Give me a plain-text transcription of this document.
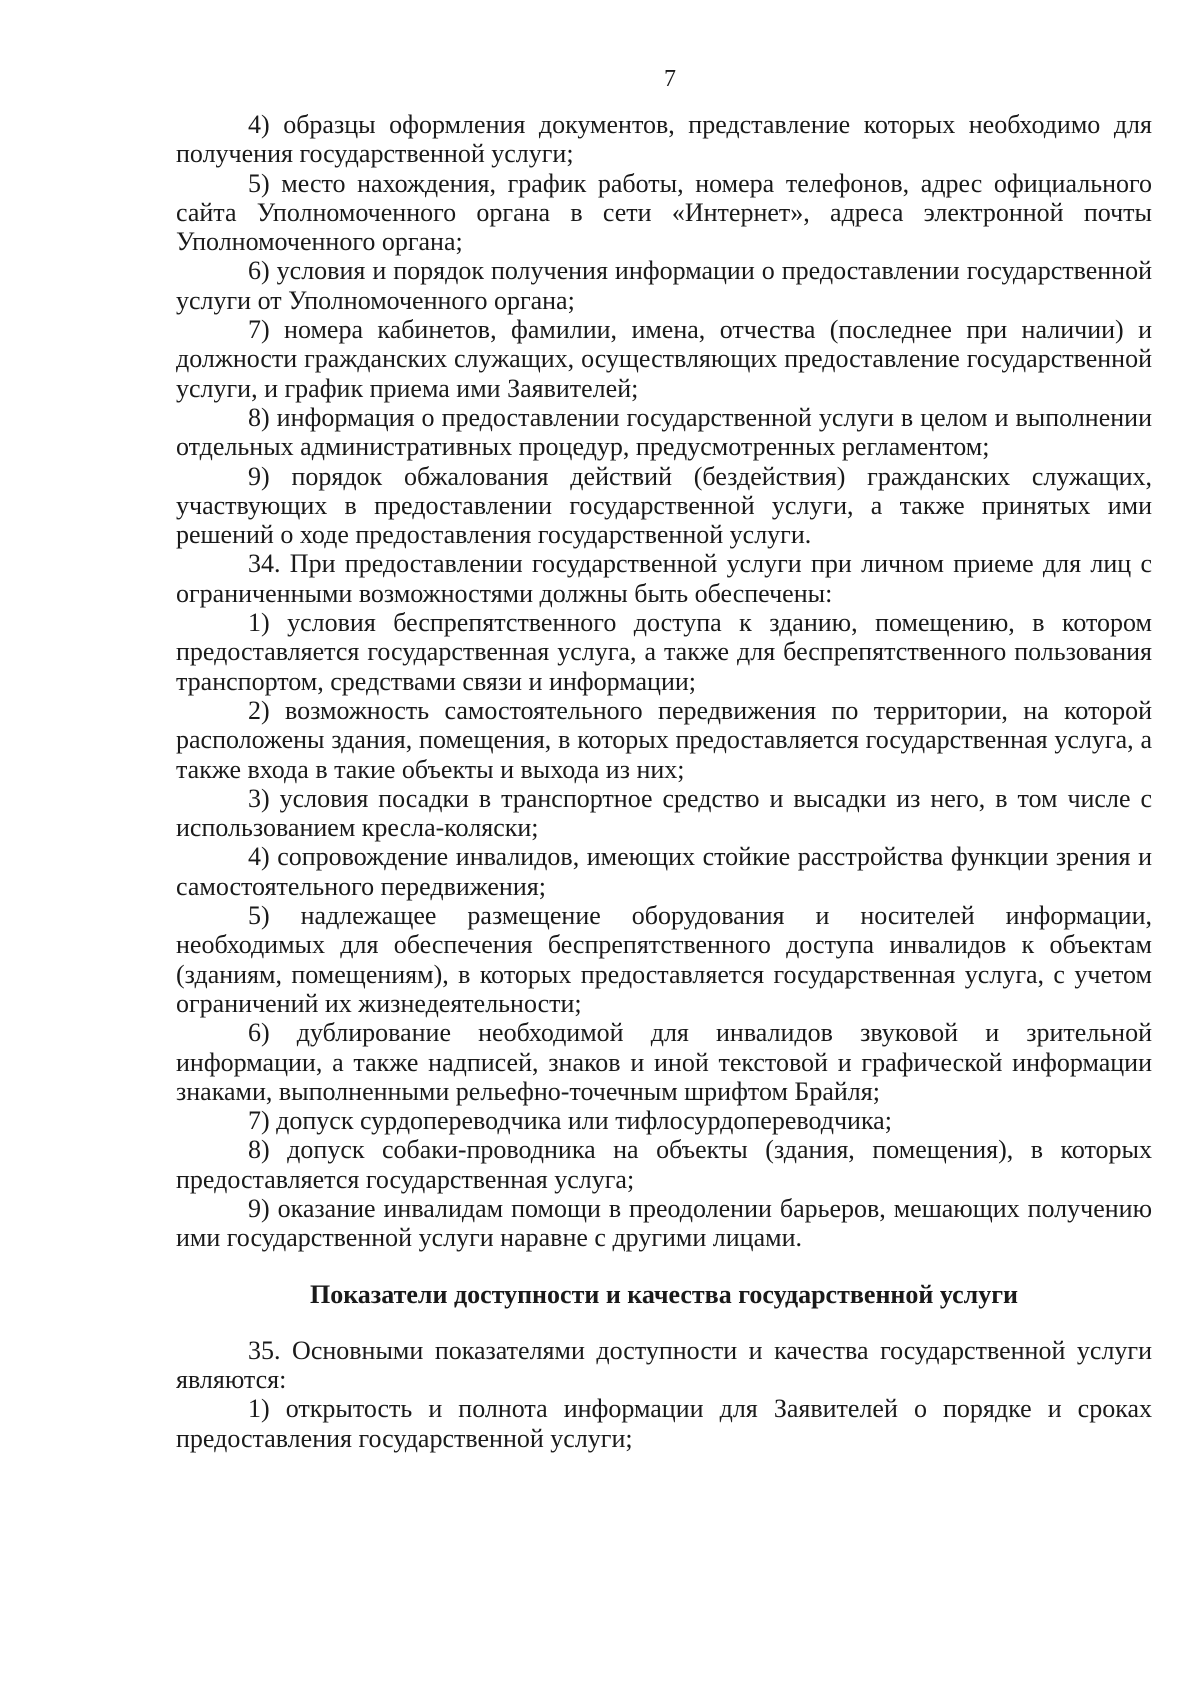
7

4) образцы оформления документов, представление которых необходимо для получения государственной услуги;

5) место нахождения, график работы, номера телефонов, адрес официального сайта Уполномоченного органа в сети «Интернет», адреса электронной почты Уполномоченного органа;

6) условия и порядок получения информации о предоставлении государственной услуги от Уполномоченного органа;

7) номера кабинетов, фамилии, имена, отчества (последнее при наличии) и должности гражданских служащих, осуществляющих предоставление государственной услуги, и график приема ими Заявителей;

8) информация о предоставлении государственной услуги в целом и выполнении отдельных административных процедур, предусмотренных регламентом;

9) порядок обжалования действий (бездействия) гражданских служащих, участвующих в предоставлении государственной услуги, а также принятых ими решений о ходе предоставления государственной услуги.

34. При предоставлении государственной услуги при личном приеме для лиц с ограниченными возможностями должны быть обеспечены:

1) условия беспрепятственного доступа к зданию, помещению, в котором предоставляется государственная услуга, а также для беспрепятственного пользования транспортом, средствами связи и информации;

2) возможность самостоятельного передвижения по территории, на которой расположены здания, помещения, в которых предоставляется государственная услуга, а также входа в такие объекты и выхода из них;

3) условия посадки в транспортное средство и высадки из него, в том числе с использованием кресла-коляски;

4) сопровождение инвалидов, имеющих стойкие расстройства функции зрения и самостоятельного передвижения;

5) надлежащее размещение оборудования и носителей информации, необходимых для обеспечения беспрепятственного доступа инвалидов к объектам (зданиям, помещениям), в которых предоставляется государственная услуга, с учетом ограничений их жизнедеятельности;

6) дублирование необходимой для инвалидов звуковой и зрительной информации, а также надписей, знаков и иной текстовой и графической информации знаками, выполненными рельефно-точечным шрифтом Брайля;

7) допуск сурдопереводчика или тифлосурдопереводчика;

8) допуск собаки-проводника на объекты (здания, помещения), в которых предоставляется государственная услуга;

9) оказание инвалидам помощи в преодолении барьеров, мешающих получению ими государственной услуги наравне с другими лицами.

Показатели доступности и качества государственной услуги

35. Основными показателями доступности и качества государственной услуги являются:

1) открытость и полнота информации для Заявителей о порядке и сроках предоставления государственной услуги;
